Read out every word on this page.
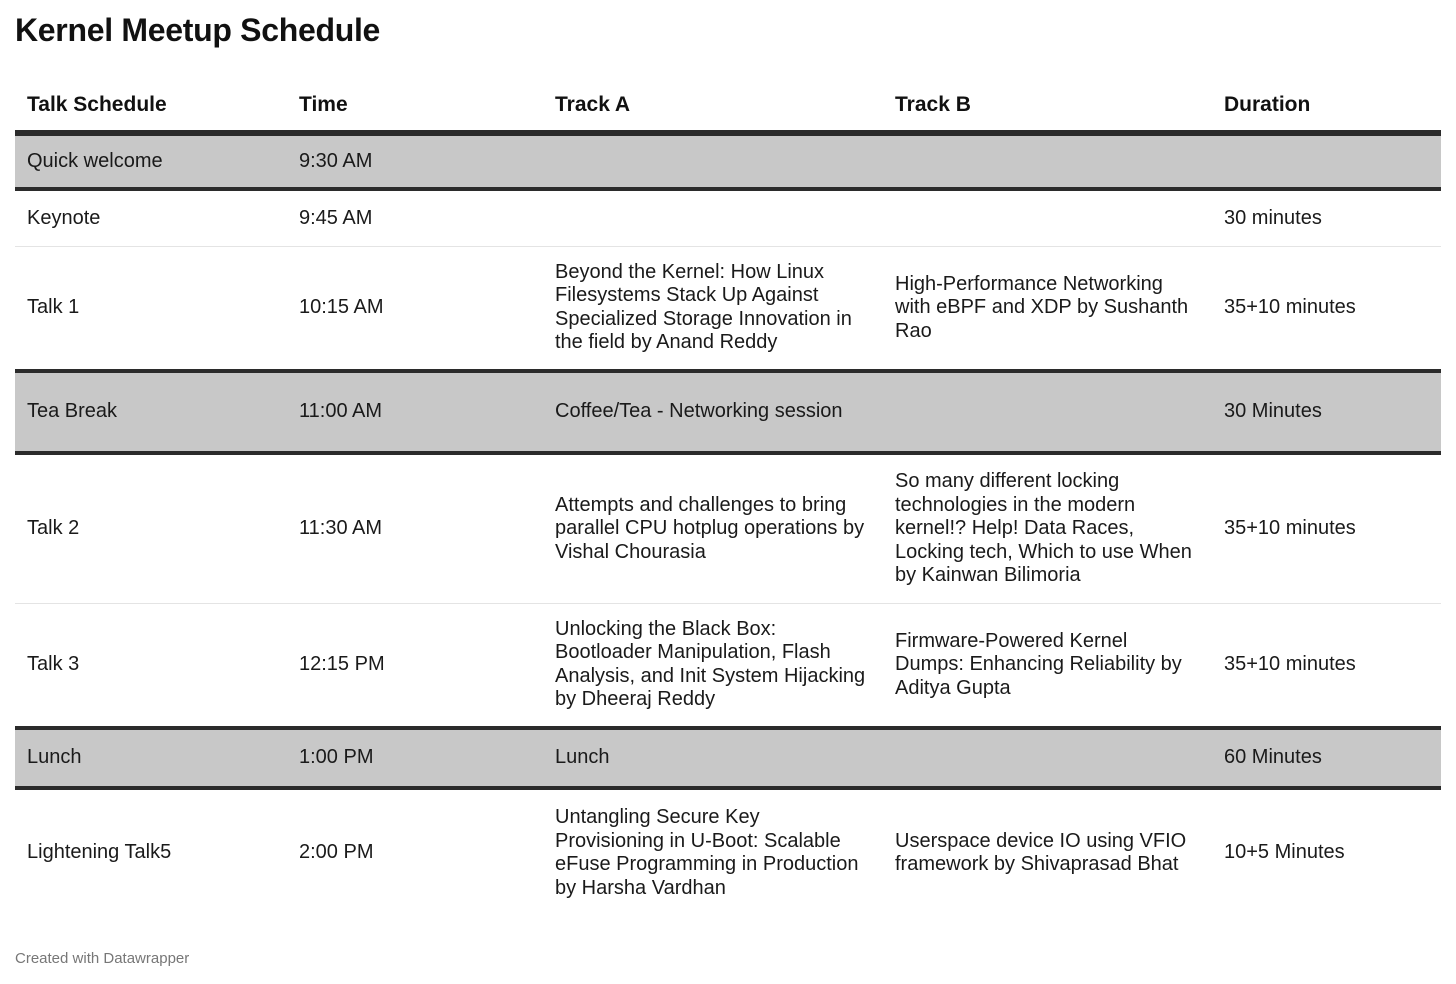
Kernel Meetup Schedule
Talk Schedule	Time	Track A	Track B	Duration
Quick welcome	9:30 AM			
Keynote	9:45 AM			30 minutes
Talk 1	10:15 AM	Beyond the Kernel: How Linux Filesystems Stack Up Against Specialized Storage Innovation in the field by Anand Reddy	High-Performance Networking with eBPF and XDP by Sushanth Rao	35+10 minutes
Tea Break	11:00 AM	Coffee/Tea - Networking session		30 Minutes
Talk 2	11:30 AM	Attempts and challenges to bring parallel CPU hotplug operations by Vishal Chourasia	So many different locking technologies in the modern kernel!? Help! Data Races, Locking tech, Which to use When by Kainwan Bilimoria	35+10 minutes
Talk 3	12:15 PM	Unlocking the Black Box: Bootloader Manipulation, Flash Analysis, and Init System Hijacking by Dheeraj Reddy	Firmware-Powered Kernel Dumps: Enhancing Reliability by Aditya Gupta	35+10 minutes
Lunch	1:00 PM	Lunch		60 Minutes
Lightening Talk5	2:00 PM	Untangling Secure Key Provisioning in U-Boot: Scalable eFuse Programming in Production by Harsha Vardhan	Userspace device IO using VFIO framework by Shivaprasad Bhat	10+5 Minutes
Created with Datawrapper
